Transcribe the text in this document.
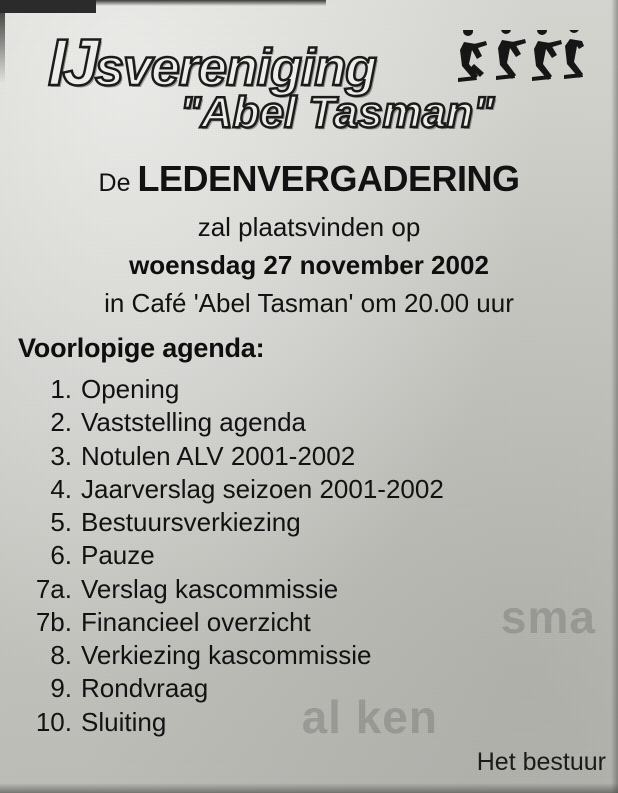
sma
al ken
IJsvereniging
"Abel Tasman"
De LEDENVERGADERING
zal plaatsvinden op
woensdag 27 november 2002
in Café 'Abel Tasman' om 20.00 uur
Voorlopige agenda:
1. Opening
2. Vaststelling agenda
3. Notulen ALV 2001-2002
4. Jaarverslag seizoen 2001-2002
5. Bestuursverkiezing
6. Pauze
7a. Verslag kascommissie
7b. Financieel overzicht
8. Verkiezing kascommissie
9. Rondvraag
10. Sluiting
Het bestuur
